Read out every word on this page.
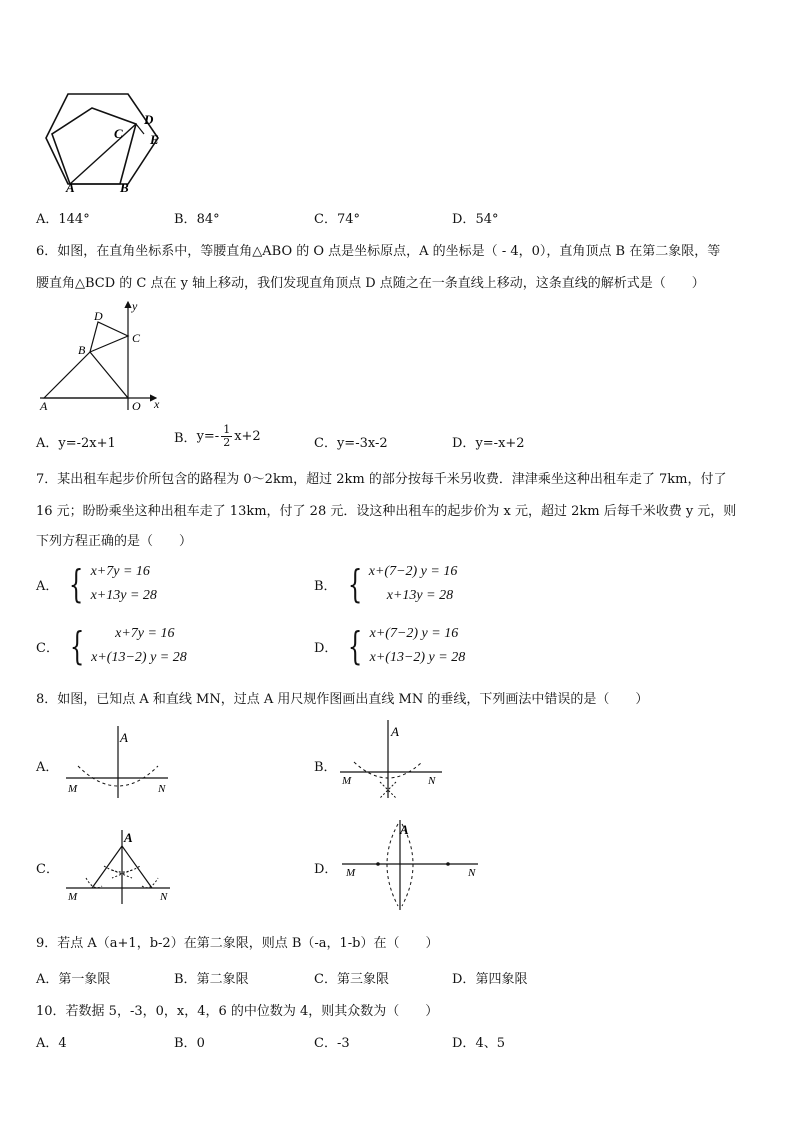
A	B
C
D
E
A．144°	B．84°	C．74°	D．54°
6．如图，在直角坐标系中，等腰直角△ABO 的 O 点是坐标原点，A 的坐标是（ - 4，0），直角顶点 B 在第二象限，等
腰直角△BCD 的 C 点在 y 轴上移动，我们发现直角顶点 D 点随之在一条直线上移动，这条直线的解析式是（　　）
y
x
D
C
B
A	O
A．y=-2x+1	B． $y=- \frac{1}{2} x+2$	C．y=-3x-2	D．y=-x+2
7．某出租车起步价所包含的路程为 0～2km，超过 2km 的部分按每千米另收费．津津乘坐这种出租车走了 7km，付了
16 元；盼盼乘坐这种出租车走了 13km，付了 28 元．设这种出租车的起步价为 x 元，超过 2km 后每千米收费 y 元，则
下列方程正确的是（　　）
A． { x+7y = 16
x+13y = 28
B． { x+(7−2) y = 16
x+13y = 28
C． {	x+7y = 16
x+(13−2) y = 28
D． { x+(7−2) y = 16
x+(13−2) y = 28
8．如图，已知点 A 和直线 MN，过点 A 用尺规作图画出直线 MN 的垂线，下列画法中错误的是（　　）
A．
A
M	N
B．
A
M	N
C．
A
M	N
D．
A
M	N
9．若点 A（a+1，b-2）在第二象限，则点 B（-a，1-b）在（　　）
A．第一象限	B．第二象限	C．第三象限	D．第四象限
10．若数据 5，-3，0，x，4，6 的中位数为 4，则其众数为（　　）
A．4	B．0	C．-3	D．4、5
